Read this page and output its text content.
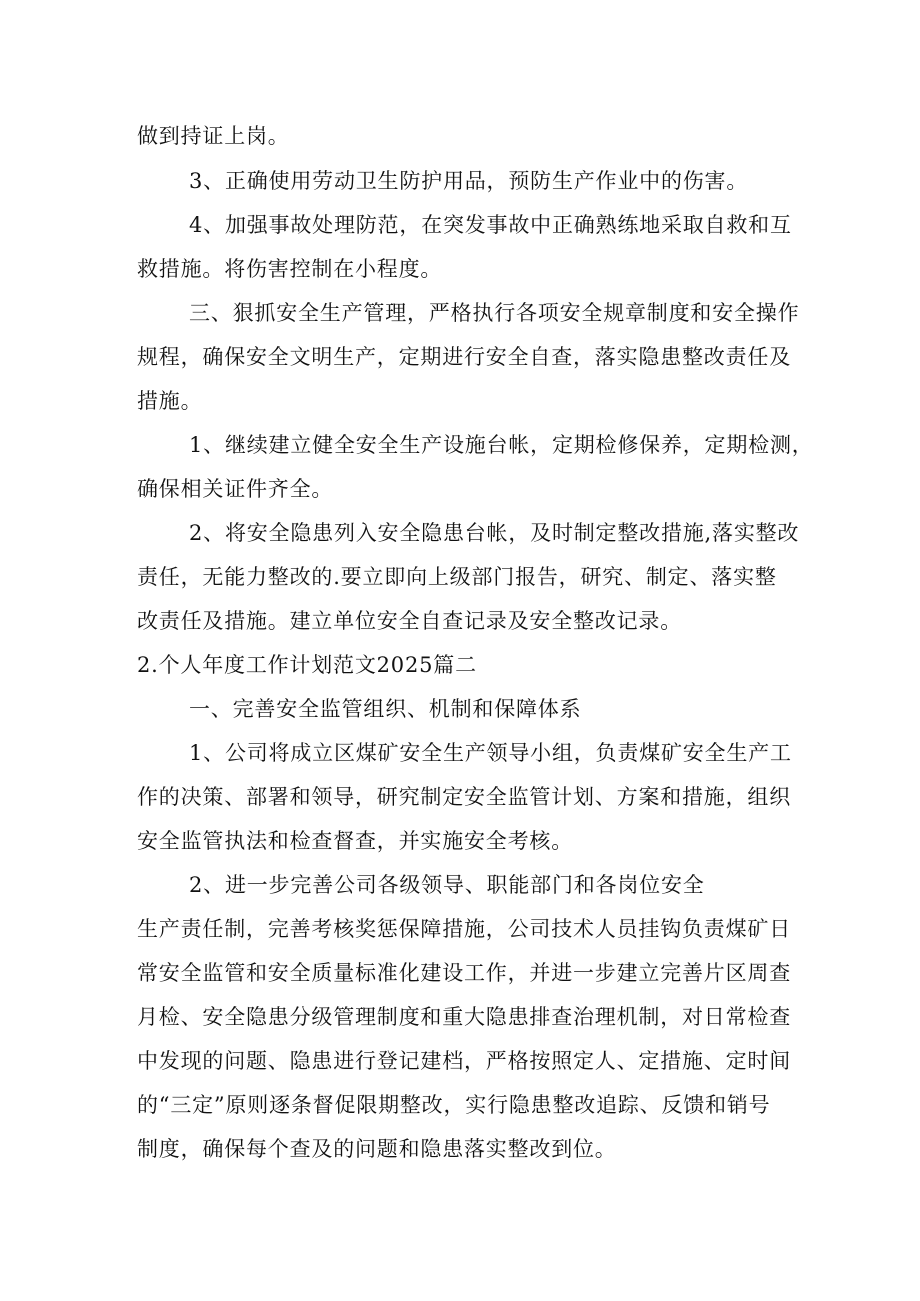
做到持证上岗。
3、正确使用劳动卫生防护用品，预防生产作业中的伤害。
4、加强事故处理防范，在突发事故中正确熟练地采取自救和互
救措施。将伤害控制在小程度。
三、狠抓安全生产管理，严格执行各项安全规章制度和安全操作
规程，确保安全文明生产，定期进行安全自查，落实隐患整改责任及
措施。
1、继续建立健全安全生产设施台帐，定期检修保养，定期检测，
确保相关证件齐全。
2、将安全隐患列入安全隐患台帐，及时制定整改措施,落实整改
责任，无能力整改的.要立即向上级部门报告，研究、制定、落实整
改责任及措施。建立单位安全自查记录及安全整改记录。
2.个人年度工作计划范文2025篇二
一、完善安全监管组织、机制和保障体系
1、公司将成立区煤矿安全生产领导小组，负责煤矿安全生产工
作的决策、部署和领导，研究制定安全监管计划、方案和措施，组织
安全监管执法和检查督查，并实施安全考核。
2、进一步完善公司各级领导、职能部门和各岗位安全
生产责任制，完善考核奖惩保障措施，公司技术人员挂钩负责煤矿日
常安全监管和安全质量标准化建设工作，并进一步建立完善片区周查
月检、安全隐患分级管理制度和重大隐患排查治理机制，对日常检查
中发现的问题、隐患进行登记建档，严格按照定人、定措施、定时间
的“三定”原则逐条督促限期整改，实行隐患整改追踪、反馈和销号
制度，确保每个查及的问题和隐患落实整改到位。
